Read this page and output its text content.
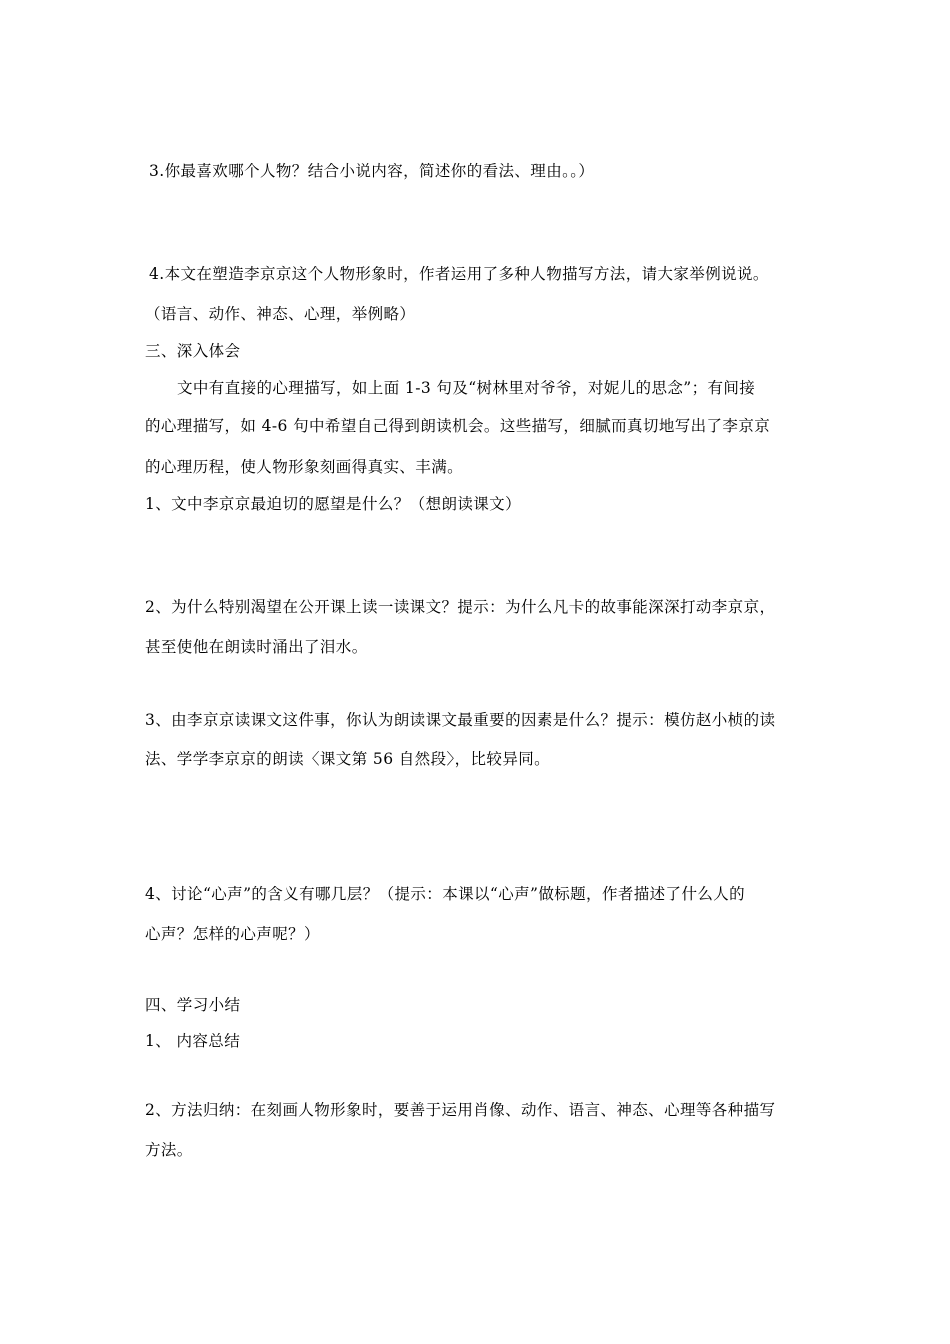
3.你最喜欢哪个人物？结合小说内容，简述你的看法、理由。。）
4.本文在塑造李京京这个人物形象时，作者运用了多种人物描写方法，请大家举例说说。
（语言、动作、神态、心理，举例略）
三、深入体会
文中有直接的心理描写，如上面 1-3 句及“树林里对爷爷，对妮儿的思念”；有间接
的心理描写，如 4-6 句中希望自己得到朗读机会。这些描写，细腻而真切地写出了李京京
的心理历程，使人物形象刻画得真实、丰满。
1、文中李京京最迫切的愿望是什么？（想朗读课文）
2、为什么特别渴望在公开课上读一读课文？提示：为什么凡卡的故事能深深打动李京京，
甚至使他在朗读时涌出了泪水。
3、由李京京读课文这件事，你认为朗读课文最重要的因素是什么？提示：模仿赵小桢的读
法、学学李京京的朗读〈课文第 56 自然段〉，比较异同。
4、讨论“心声”的含义有哪几层？（提示：本课以“心声”做标题，作者描述了什么人的
心声？怎样的心声呢？）
四、学习小结
1、 内容总结
2、方法归纳：在刻画人物形象时，要善于运用肖像、动作、语言、神态、心理等各种描写
方法。
